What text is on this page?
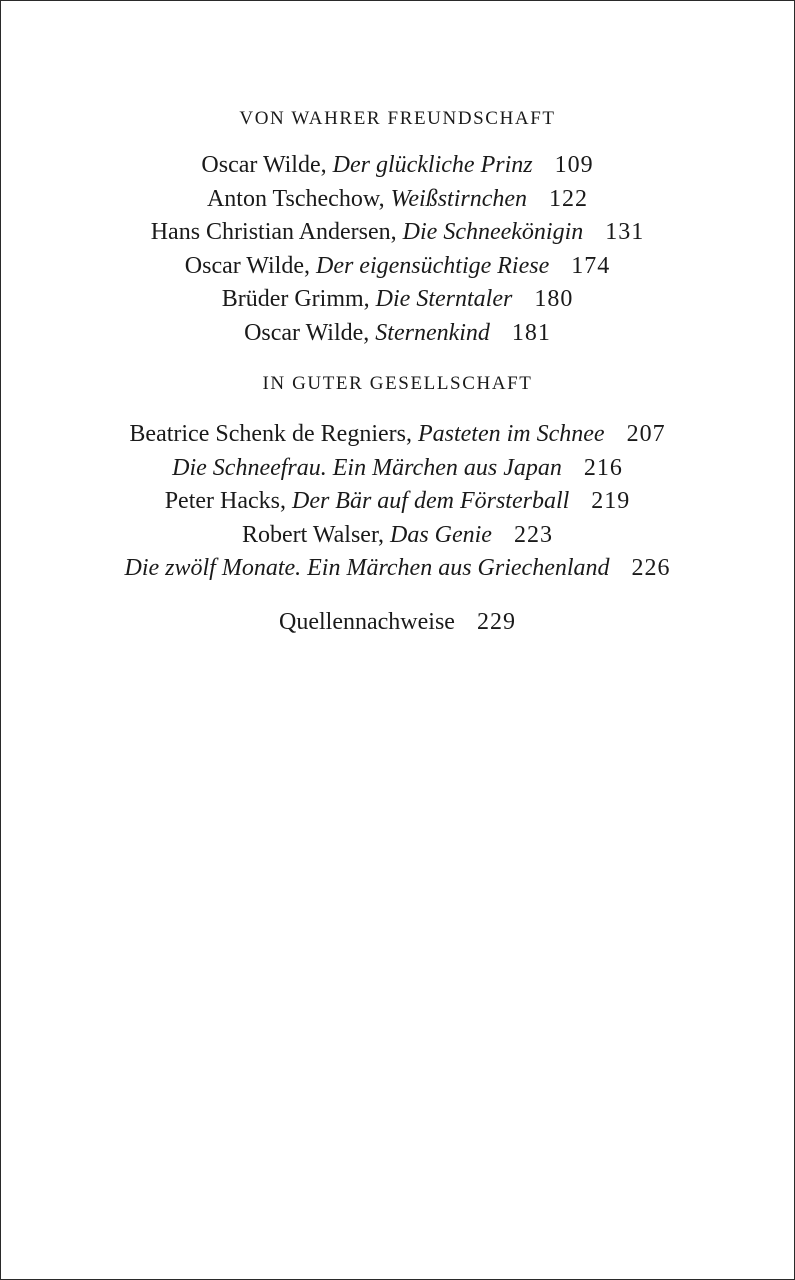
VON WAHRER FREUNDSCHAFT
Oscar Wilde, Der glückliche Prinz 109
Anton Tschechow, Weißstirnchen 122
Hans Christian Andersen, Die Schneekönigin 131
Oscar Wilde, Der eigensüchtige Riese 174
Brüder Grimm, Die Sterntaler 180
Oscar Wilde, Sternenkind 181
IN GUTER GESELLSCHAFT
Beatrice Schenk de Regniers, Pasteten im Schnee 207
Die Schneefrau. Ein Märchen aus Japan 216
Peter Hacks, Der Bär auf dem Försterball 219
Robert Walser, Das Genie 223
Die zwölf Monate. Ein Märchen aus Griechenland 226
Quellennachweise 229
